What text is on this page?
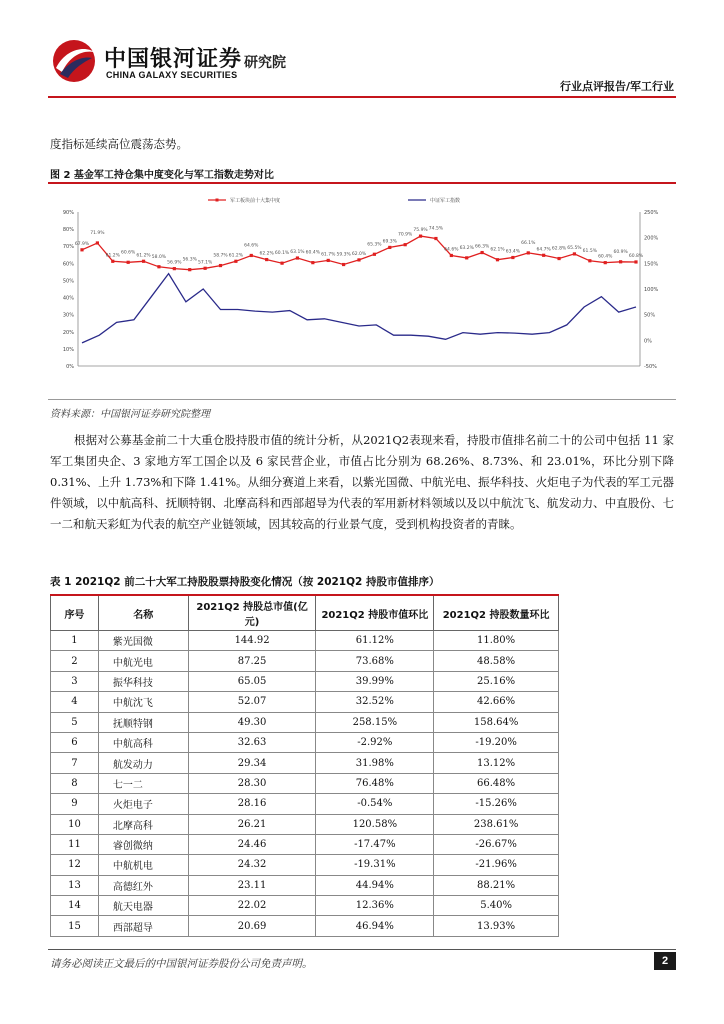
中国银河证券
CHINA GALAXY SECURITIES
研究院
行业点评报告/军工行业
度指标延续高位震荡态势。
图 2 基金军工持仓集中度变化与军工指数走势对比
0%
10%
20%
30%
40%
50%
60%
70%
80%
90%
-50%
0%
50%
100%
150%
200%
250%
67.9%
71.9%
61.2%
60.6%
61.2% 58.0%
56.9%
56.3%
57.1%
58.7% 61.2%
64.6%
62.2% 60.1% 63.1% 60.4% 61.7% 59.3% 62.0%
65.3%
69.3%
70.9%
75.9% 74.5%
64.6% 63.2% 66.3%
62.1% 63.4%
66.1%
64.7% 62.8% 65.5%
61.5%
60.4%
60.9%
60.8%
军工板块前十大集中度	中证军工指数
资料来源：中国银河证券研究院整理
根据对公募基金前二十大重仓股持股市值的统计分析，从2021Q2表现来看，持股市值排名前二十的公司中包括 11 家军工集团央企、3 家地方军工国企以及 6 家民营企业，市值占比分别为 68.26%、8.73%、和 23.01%，环比分别下降 0.31%、上升 1.73%和下降 1.41%。从细分赛道上来看，以紫光国微、中航光电、振华科技、火炬电子为代表的军工元器件领域，以中航高科、抚顺特钢、北摩高科和西部超导为代表的军用新材料领域以及以中航沈飞、航发动力、中直股份、七一二和航天彩虹为代表的航空产业链领域，因其较高的行业景气度，受到机构投资者的青睐。
表 1 2021Q2 前二十大军工持股股票持股变化情况（按 2021Q2 持股市值排序）
序号	名称	2021Q2 持股总市值(亿元)	2021Q2 持股市值环比	2021Q2 持股数量环比
1	紫光国微	144.92	61.12%	11.80%
2	中航光电	87.25	73.68%	48.58%
3	振华科技	65.05	39.99%	25.16%
4	中航沈飞	52.07	32.52%	42.66%
5	抚顺特钢	49.30	258.15%	158.64%
6	中航高科	32.63	-2.92%	-19.20%
7	航发动力	29.34	31.98%	13.12%
8	七一二	28.30	76.48%	66.48%
9	火炬电子	28.16	-0.54%	-15.26%
10	北摩高科	26.21	120.58%	238.61%
11	睿创微纳	24.46	-17.47%	-26.67%
12	中航机电	24.32	-19.31%	-21.96%
13	高德红外	23.11	44.94%	88.21%
14	航天电器	22.02	12.36%	5.40%
15	西部超导	20.69	46.94%	13.93%
请务必阅读正文最后的中国银河证券股份公司免责声明。	2
